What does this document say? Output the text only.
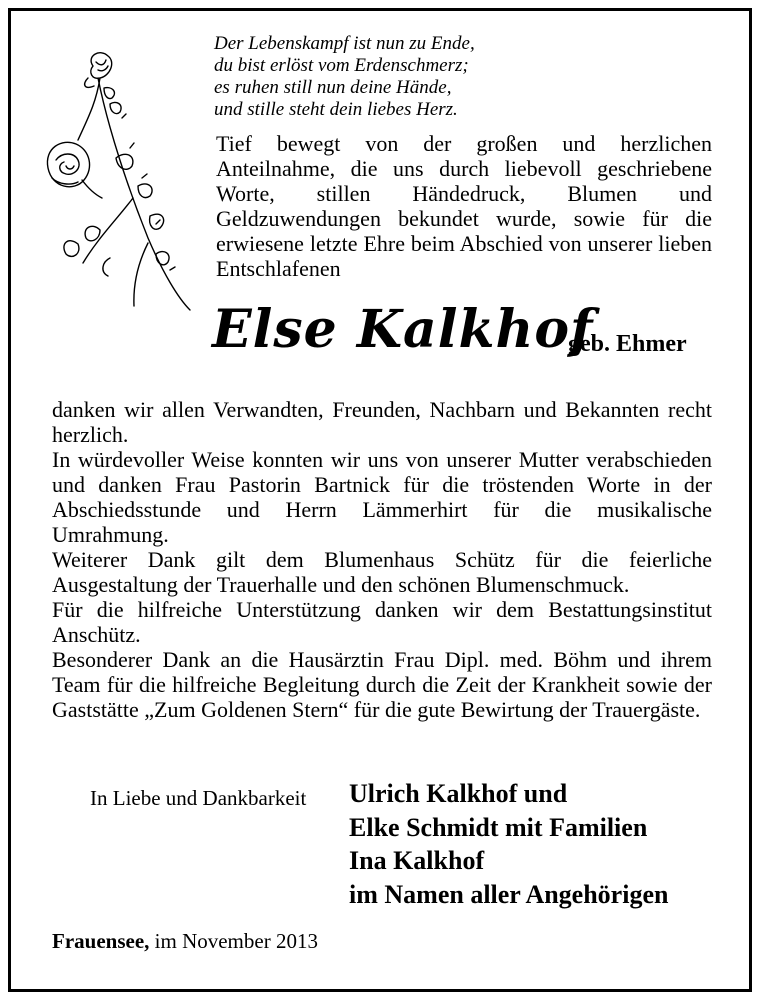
Der Lebenskampf ist nun zu Ende,
du bist erlöst vom Erdenschmerz;
es ruhen still nun deine Hände,
und stille steht dein liebes Herz.
Tief bewegt von der großen und herzlichen Anteilnahme, die uns durch liebevoll geschriebene Worte, stillen Händedruck, Blumen und Geldzuwendungen bekundet wurde, sowie für die erwiesene letzte Ehre beim Abschied von unserer lieben Entschlafenen
Else Kalkhof
geb. Ehmer

danken wir allen Verwandten, Freunden, Nachbarn und Bekannten recht herzlich.

In würdevoller Weise konnten wir uns von unserer Mutter verabschieden und danken Frau Pastorin Bartnick für die tröstenden Worte in der Abschiedsstunde und Herrn Lämmerhirt für die musikalische Umrahmung.

Weiterer Dank gilt dem Blumenhaus Schütz für die feierliche Ausgestaltung der Trauerhalle und den schönen Blumenschmuck.

Für die hilfreiche Unterstützung danken wir dem Bestattungsinstitut Anschütz.

Besonderer Dank an die Hausärztin Frau Dipl. med. Böhm und ihrem Team für die hilfreiche Begleitung durch die Zeit der Krankheit sowie der Gaststätte „Zum Goldenen Stern“ für die gute Bewirtung der Trauergäste.

In Liebe und Dankbarkeit Ulrich Kalkhof und
Elke Schmidt mit Familien
Ina Kalkhof
im Namen aller Angehörigen
Frauensee, im November 2013
